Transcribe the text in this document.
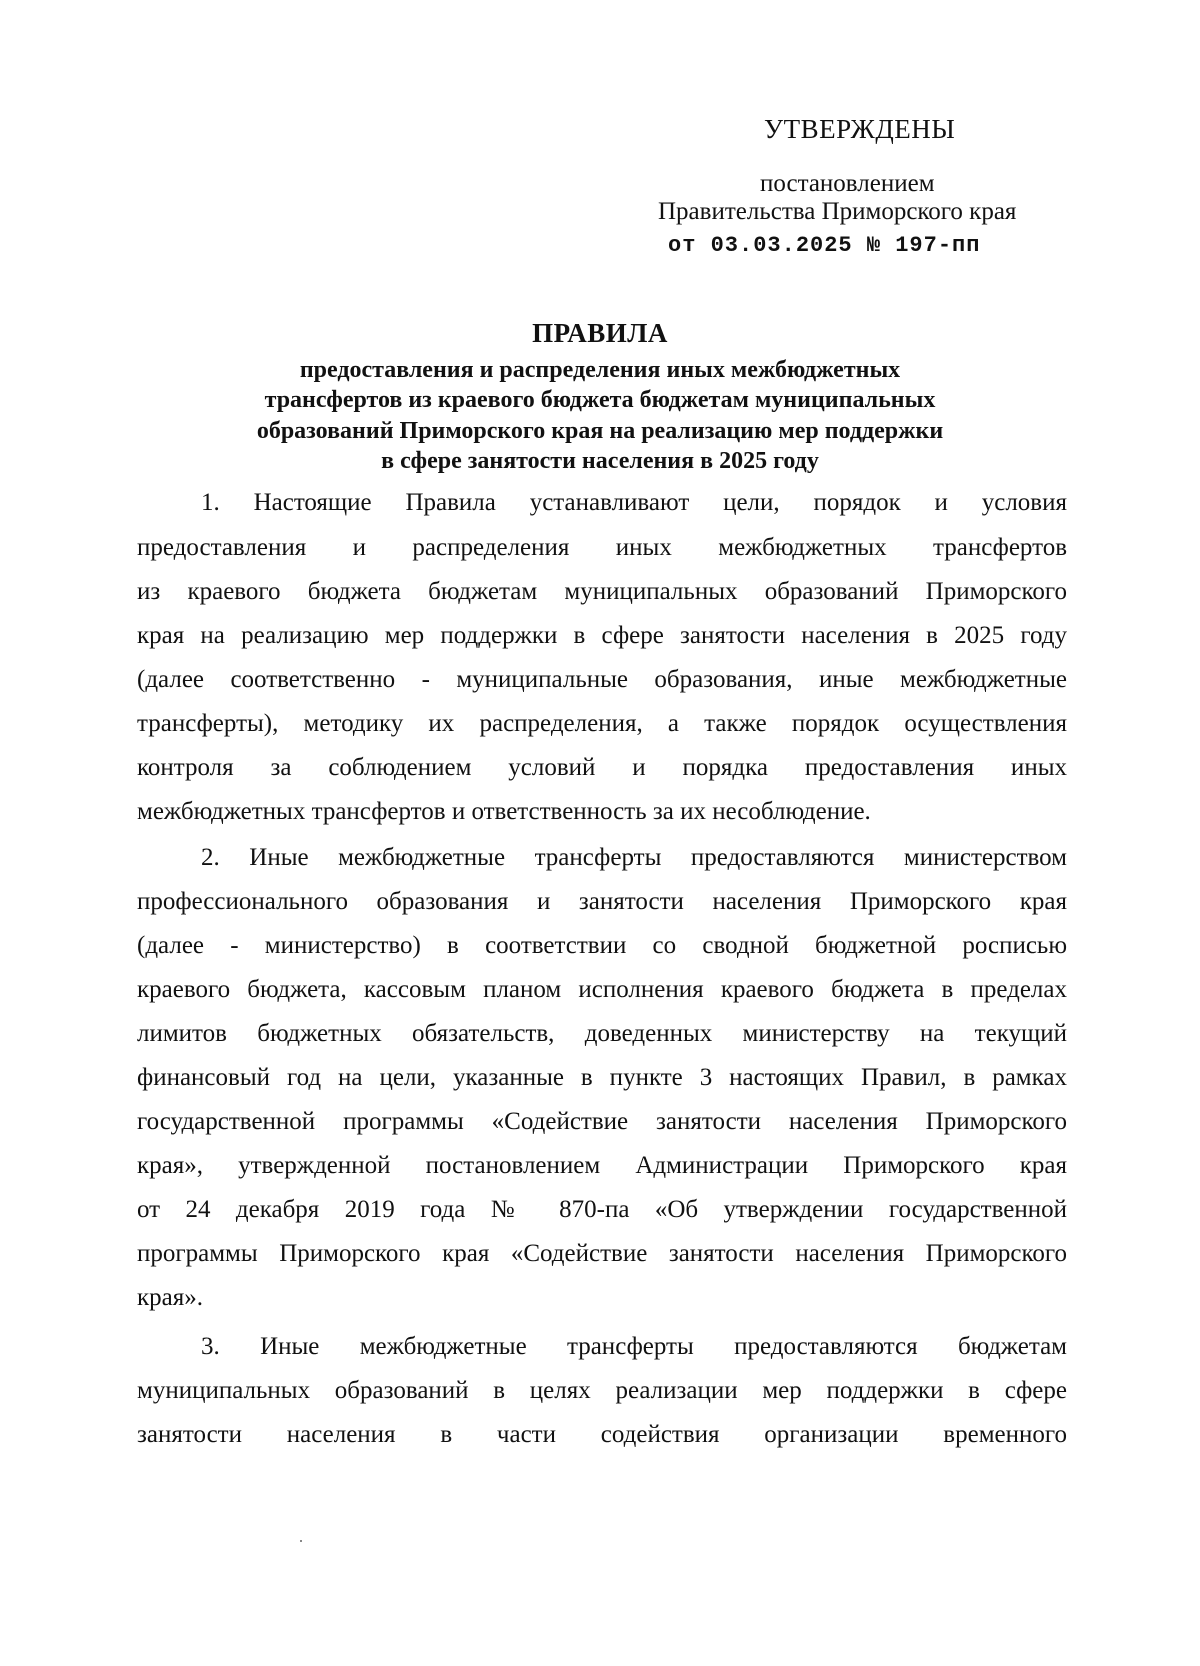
УТВЕРЖДЕНЫ
постановлением
Правительства Приморского края
от 03.03.2025 № 197-пп
ПРАВИЛА
предоставления и распределения иных межбюджетных
трансфертов из краевого бюджета бюджетам муниципальных
образований Приморского края на реализацию мер поддержки
в сфере занятости населения в 2025 году
1. Настоящие Правила устанавливают цели, порядок и условия
предоставления и распределения иных межбюджетных трансфертов
из краевого бюджета бюджетам муниципальных образований Приморского
края на реализацию мер поддержки в сфере занятости населения в 2025 году
(далее соответственно - муниципальные образования, иные межбюджетные
трансферты), методику их распределения, а также порядок осуществления
контроля за соблюдением условий и порядка предоставления иных
межбюджетных трансфертов и ответственность за их несоблюдение.
2. Иные межбюджетные трансферты предоставляются министерством
профессионального образования и занятости населения Приморского края
(далее - министерство) в соответствии со сводной бюджетной росписью
краевого бюджета, кассовым планом исполнения краевого бюджета в пределах
лимитов бюджетных обязательств, доведенных министерству на текущий
финансовый год на цели, указанные в пункте 3 настоящих Правил, в рамках
государственной программы «Содействие занятости населения Приморского
края», утвержденной постановлением Администрации Приморского края
от 24 декабря 2019 года № 870-па «Об утверждении государственной
программы Приморского края «Содействие занятости населения Приморского
края».
3. Иные межбюджетные трансферты предоставляются бюджетам
муниципальных образований в целях реализации мер поддержки в сфере
занятости населения в части содействия организации временного
